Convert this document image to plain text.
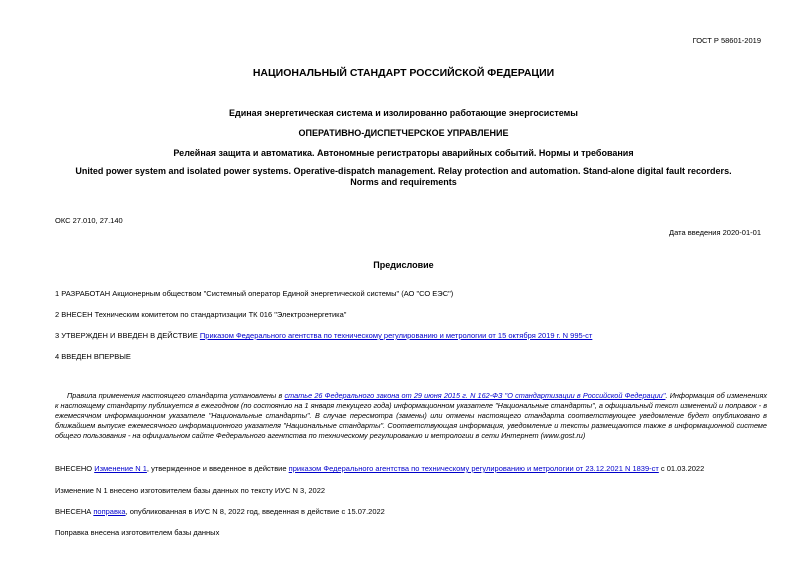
ГОСТ Р 58601-2019
НАЦИОНАЛЬНЫЙ СТАНДАРТ РОССИЙСКОЙ ФЕДЕРАЦИИ
Единая энергетическая система и изолированно работающие энергосистемы
ОПЕРАТИВНО-ДИСПЕТЧЕРСКОЕ УПРАВЛЕНИЕ
Релейная защита и автоматика. Автономные регистраторы аварийных событий. Нормы и требования
United power system and isolated power systems. Operative-dispatch management. Relay protection and automation. Stand-alone digital fault recorders. Norms and requirements
ОКС 27.010, 27.140
Дата введения 2020-01-01
Предисловие
1 РАЗРАБОТАН Акционерным обществом "Системный оператор Единой энергетической системы" (АО "СО ЕЭС")
2 ВНЕСЕН Техническим комитетом по стандартизации ТК 016 "Электроэнергетика"
3 УТВЕРЖДЕН И ВВЕДЕН В ДЕЙСТВИЕ Приказом Федерального агентства по техническому регулированию и метрологии от 15 октября 2019 г. N 995-ст
4 ВВЕДЕН ВПЕРВЫЕ
Правила применения настоящего стандарта установлены в статье 26 Федерального закона от 29 июня 2015 г. N 162-ФЗ "О стандартизации в Российской Федерации". Информация об изменениях к настоящему стандарту публикуется в ежегодном (по состоянию на 1 января текущего года) информационном указателе "Национальные стандарты", а официальный текст изменений и поправок - в ежемесячном информационном указателе "Национальные стандарты". В случае пересмотра (замены) или отмены настоящего стандарта соответствующее уведомление будет опубликовано в ближайшем выпуске ежемесячного информационного указателя "Национальные стандарты". Соответствующая информация, уведомление и тексты размещаются также в информационной системе общего пользования - на официальном сайте Федерального агентства по техническому регулированию и метрологии в сети Интернет (www.gost.ru)
ВНЕСЕНО Изменение N 1, утвержденное и введенное в действие приказом Федерального агентства по техническому регулированию и метрологии от 23.12.2021 N 1839-ст с 01.03.2022
Изменение N 1 внесено изготовителем базы данных по тексту ИУС N 3, 2022
ВНЕСЕНА поправка, опубликованная в ИУС N 8, 2022 год, введенная в действие с 15.07.2022
Поправка внесена изготовителем базы данных
